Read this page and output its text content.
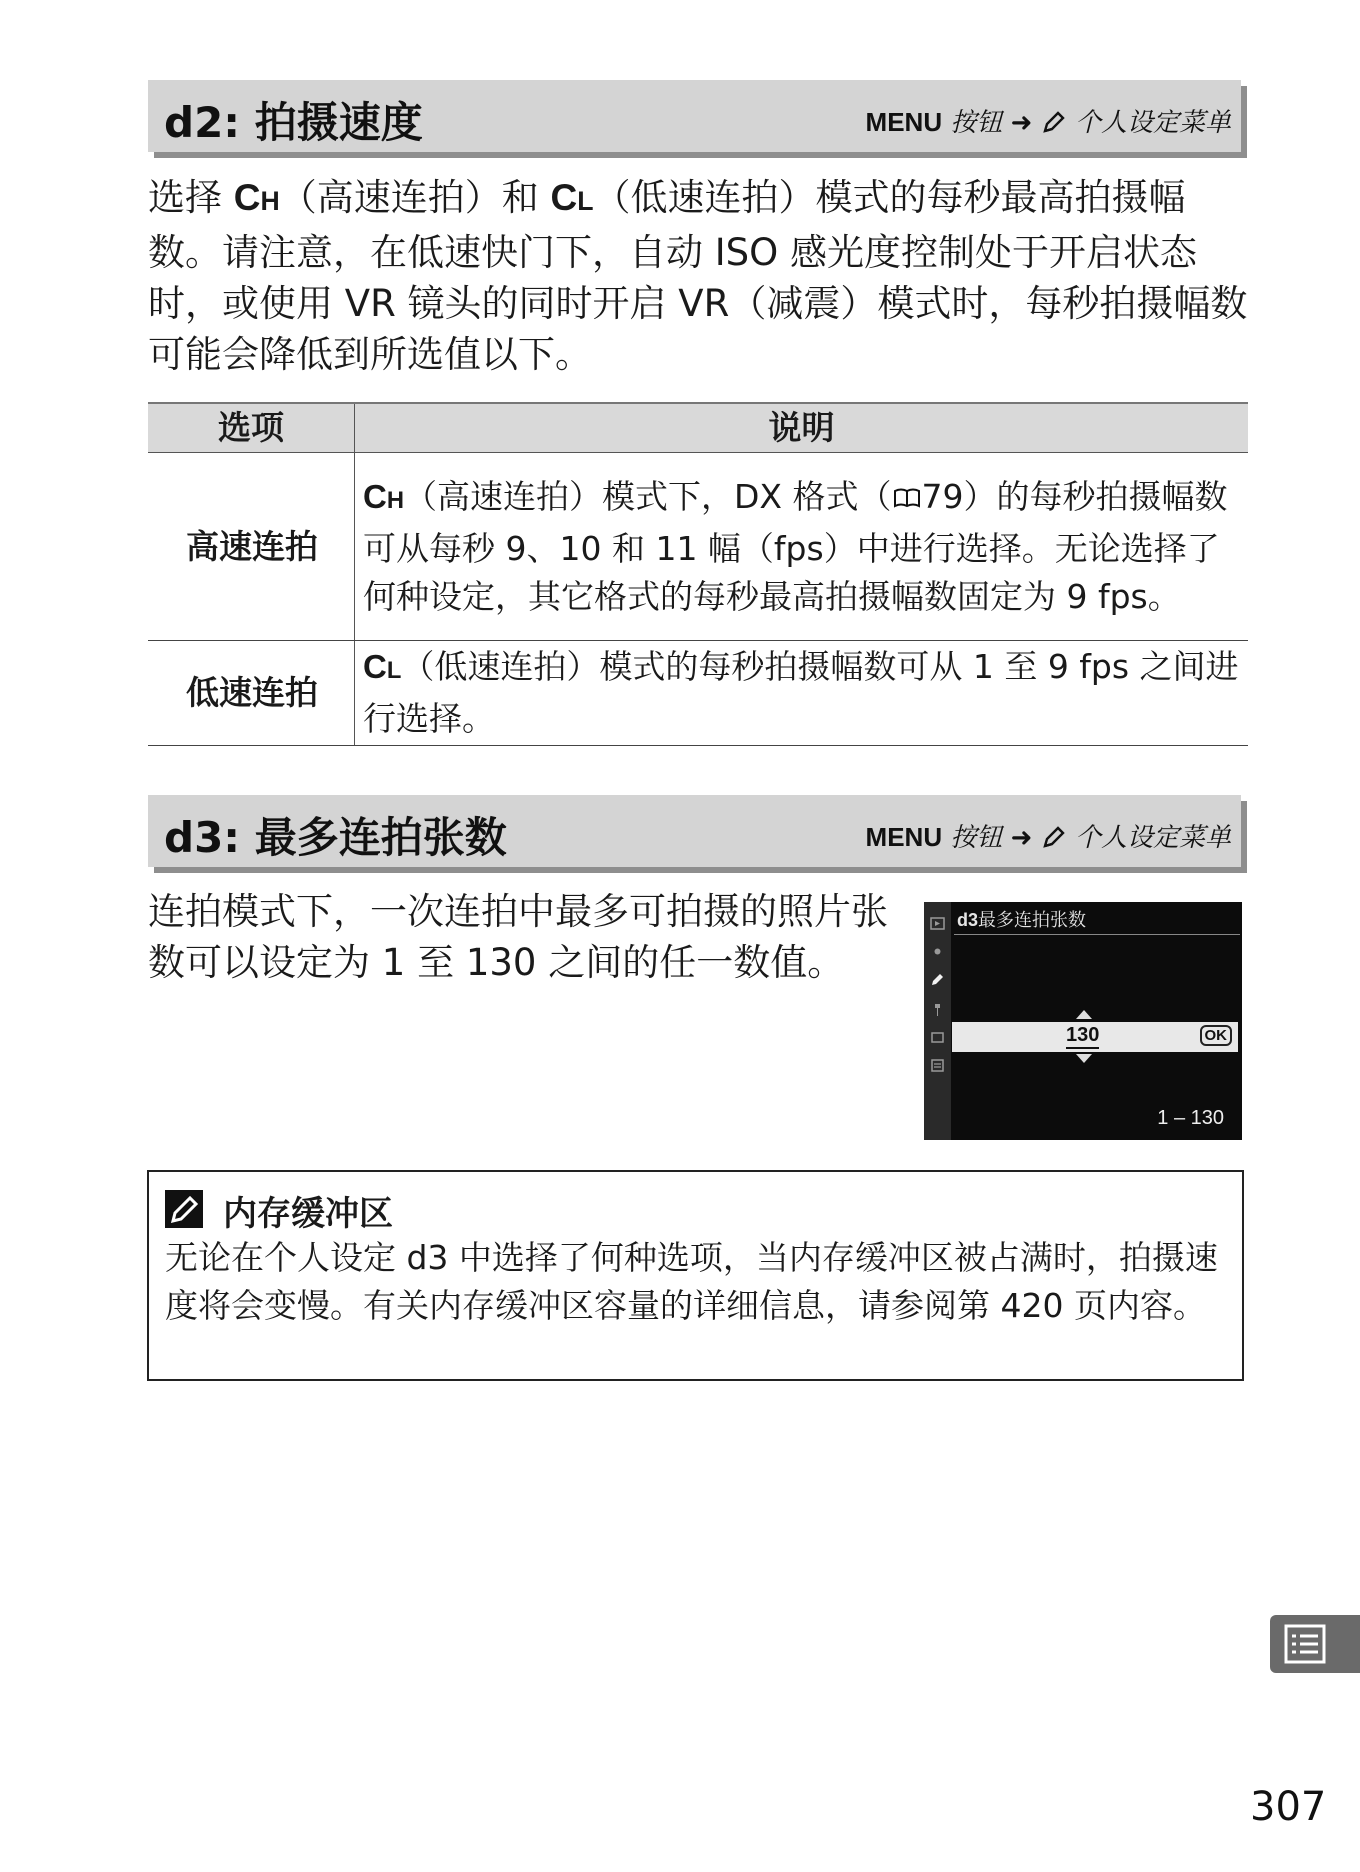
d2: 拍摄速度	MENU 按钮 ➜ 个人设定菜单

选择 CH（高速连拍）和 CL（低速连拍）模式的每秒最高拍摄幅数。请注意，在低速快门下，自动 ISO 感光度控制处于开启状态时，或使用 VR 镜头的同时开启 VR（减震）模式时，每秒拍摄幅数可能会降低到所选值以下。

选项	说明
高速连拍	CH（高速连拍）模式下，DX 格式（ 79）的每秒拍摄幅数可从每秒 9、10 和 11 幅（fps）中进行选择。无论选择了何种设定，其它格式的每秒最高拍摄幅数固定为 9 fps。
低速连拍	CL（低速连拍）模式的每秒拍摄幅数可从 1 至 9 fps 之间进行选择。
d3: 最多连拍张数	MENU 按钮 ➜ 个人设定菜单

连拍模式下，一次连拍中最多可拍摄的照片张数可以设定为 1 至 130 之间的任一数值。

d3最多连拍张数
130	OK
1 – 130
内存缓冲区

无论在个人设定 d3 中选择了何种选项，当内存缓冲区被占满时，拍摄速度将会变慢。有关内存缓冲区容量的详细信息，请参阅第 420 页内容。

307
